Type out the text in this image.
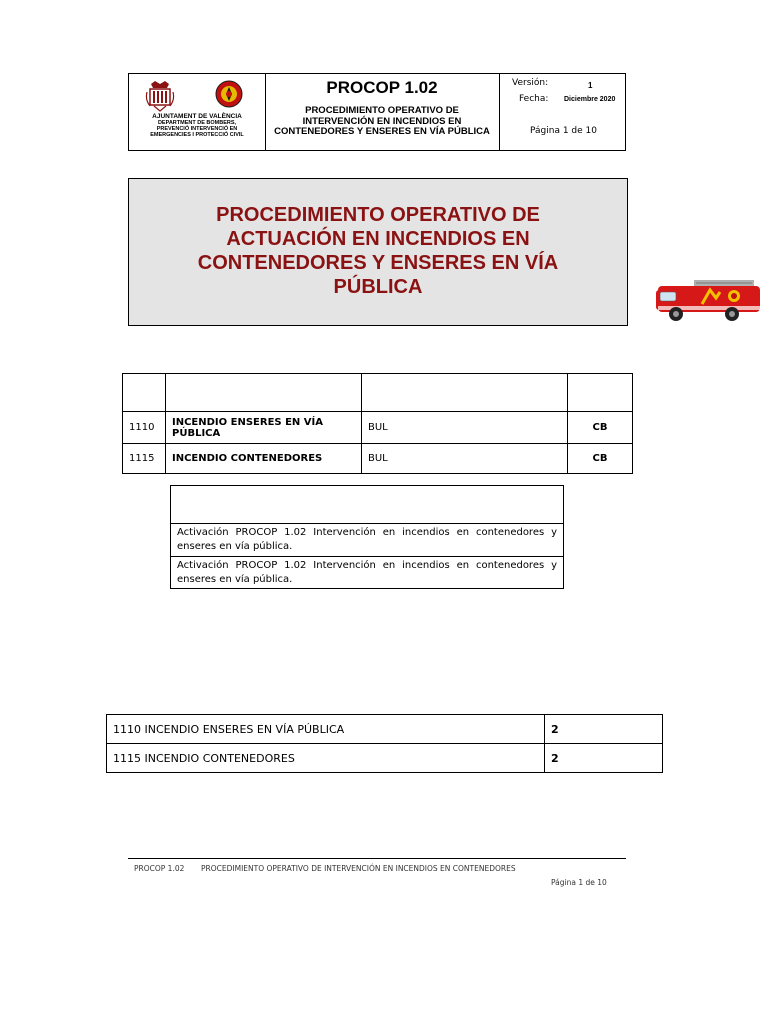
AJUNTAMENT DE VALÈNCIA
DEPARTMENT DE BOMBERS,
PREVENCIÓ INTERVENCIÓ EN
EMERGENCIES I PROTECCIÓ CIVIL
PROCOP 1.02
PROCEDIMIENTO OPERATIVO DE INTERVENCIÓN EN INCENDIOS EN CONTENEDORES Y ENSERES EN VÍA PÚBLICA
Versión:	1
Fecha: Diciembre 2020
Página 1 de 10
PROCEDIMIENTO OPERATIVO DE ACTUACIÓN EN INCENDIOS EN CONTENEDORES Y ENSERES EN VÍA PÚBLICA

1110	INCENDIO ENSERES EN VÍA PÚBLICA	BUL	CB
1115	INCENDIO CONTENEDORES	BUL	CB

Activación PROCOP 1.02 Intervención en incendios en contenedores y enseres en vía pública.
Activación PROCOP 1.02 Intervención en incendios en contenedores y enseres en vía pública.
1110 INCENDIO ENSERES EN VÍA PÚBLICA	2
1115 INCENDIO CONTENEDORES	2
PROCOP 1.02 PROCEDIMIENTO OPERATIVO DE INTERVENCIÓN EN INCENDIOS EN CONTENEDORES
Página 1 de 10
